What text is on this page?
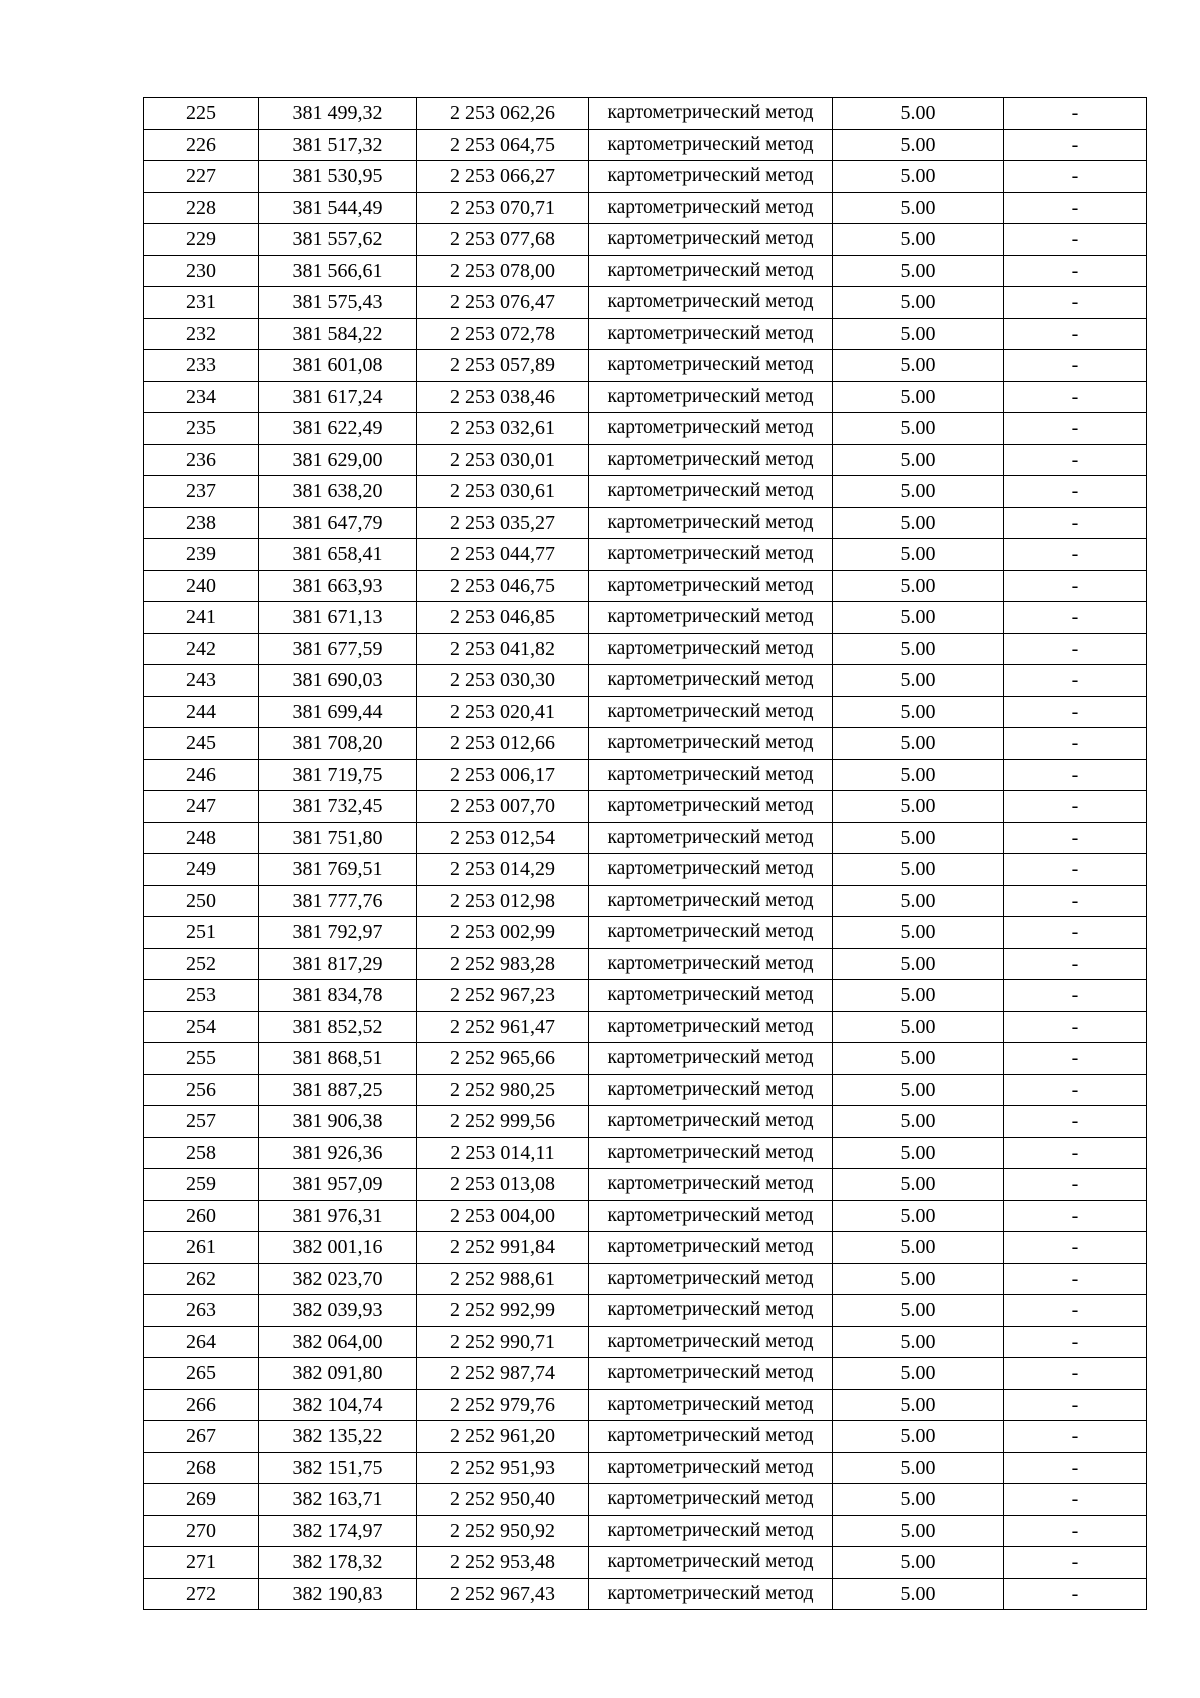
225	381 499,32	2 253 062,26	картометрический метод	5.00	-
226	381 517,32	2 253 064,75	картометрический метод	5.00	-
227	381 530,95	2 253 066,27	картометрический метод	5.00	-
228	381 544,49	2 253 070,71	картометрический метод	5.00	-
229	381 557,62	2 253 077,68	картометрический метод	5.00	-
230	381 566,61	2 253 078,00	картометрический метод	5.00	-
231	381 575,43	2 253 076,47	картометрический метод	5.00	-
232	381 584,22	2 253 072,78	картометрический метод	5.00	-
233	381 601,08	2 253 057,89	картометрический метод	5.00	-
234	381 617,24	2 253 038,46	картометрический метод	5.00	-
235	381 622,49	2 253 032,61	картометрический метод	5.00	-
236	381 629,00	2 253 030,01	картометрический метод	5.00	-
237	381 638,20	2 253 030,61	картометрический метод	5.00	-
238	381 647,79	2 253 035,27	картометрический метод	5.00	-
239	381 658,41	2 253 044,77	картометрический метод	5.00	-
240	381 663,93	2 253 046,75	картометрический метод	5.00	-
241	381 671,13	2 253 046,85	картометрический метод	5.00	-
242	381 677,59	2 253 041,82	картометрический метод	5.00	-
243	381 690,03	2 253 030,30	картометрический метод	5.00	-
244	381 699,44	2 253 020,41	картометрический метод	5.00	-
245	381 708,20	2 253 012,66	картометрический метод	5.00	-
246	381 719,75	2 253 006,17	картометрический метод	5.00	-
247	381 732,45	2 253 007,70	картометрический метод	5.00	-
248	381 751,80	2 253 012,54	картометрический метод	5.00	-
249	381 769,51	2 253 014,29	картометрический метод	5.00	-
250	381 777,76	2 253 012,98	картометрический метод	5.00	-
251	381 792,97	2 253 002,99	картометрический метод	5.00	-
252	381 817,29	2 252 983,28	картометрический метод	5.00	-
253	381 834,78	2 252 967,23	картометрический метод	5.00	-
254	381 852,52	2 252 961,47	картометрический метод	5.00	-
255	381 868,51	2 252 965,66	картометрический метод	5.00	-
256	381 887,25	2 252 980,25	картометрический метод	5.00	-
257	381 906,38	2 252 999,56	картометрический метод	5.00	-
258	381 926,36	2 253 014,11	картометрический метод	5.00	-
259	381 957,09	2 253 013,08	картометрический метод	5.00	-
260	381 976,31	2 253 004,00	картометрический метод	5.00	-
261	382 001,16	2 252 991,84	картометрический метод	5.00	-
262	382 023,70	2 252 988,61	картометрический метод	5.00	-
263	382 039,93	2 252 992,99	картометрический метод	5.00	-
264	382 064,00	2 252 990,71	картометрический метод	5.00	-
265	382 091,80	2 252 987,74	картометрический метод	5.00	-
266	382 104,74	2 252 979,76	картометрический метод	5.00	-
267	382 135,22	2 252 961,20	картометрический метод	5.00	-
268	382 151,75	2 252 951,93	картометрический метод	5.00	-
269	382 163,71	2 252 950,40	картометрический метод	5.00	-
270	382 174,97	2 252 950,92	картометрический метод	5.00	-
271	382 178,32	2 252 953,48	картометрический метод	5.00	-
272	382 190,83	2 252 967,43	картометрический метод	5.00	-
